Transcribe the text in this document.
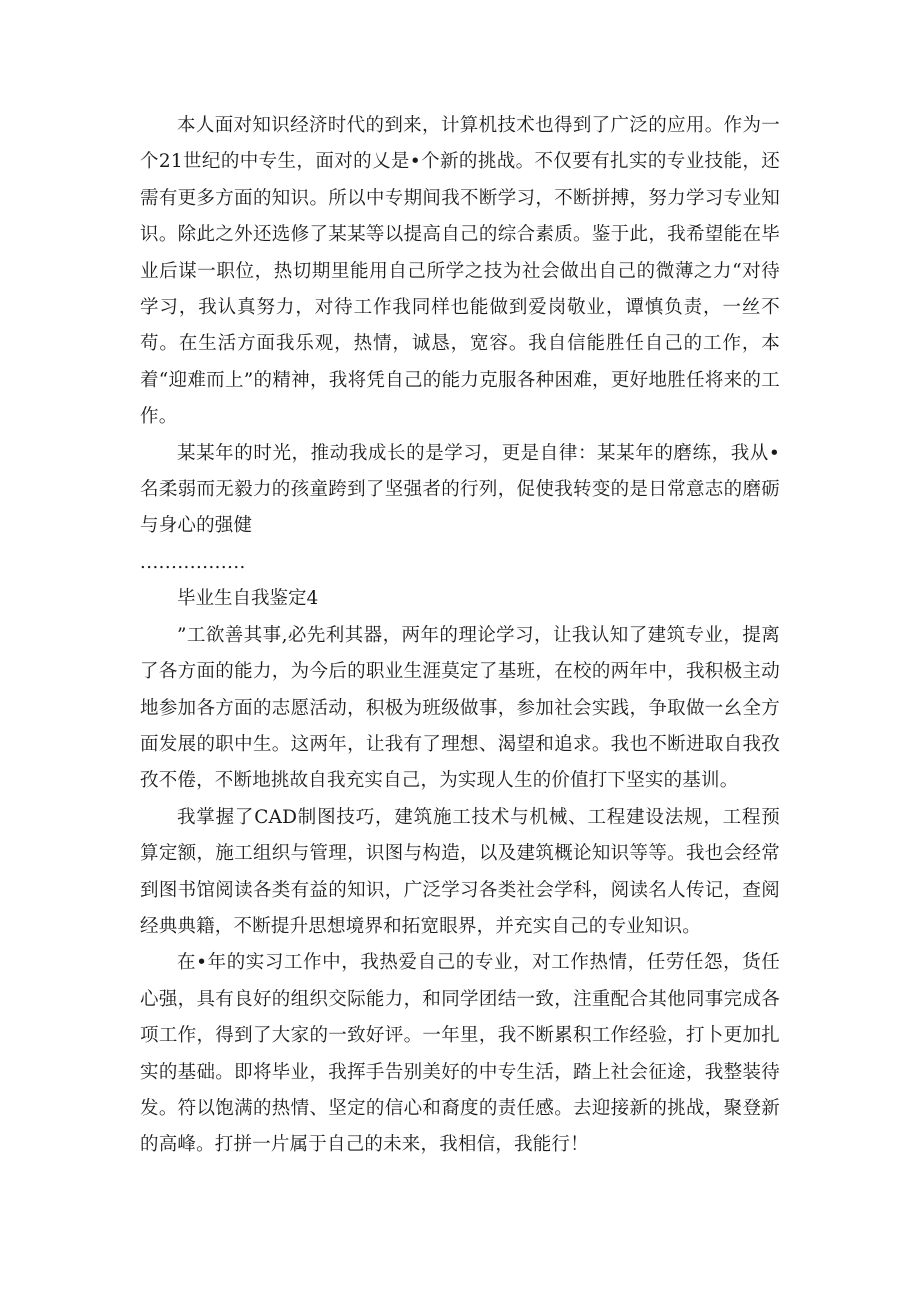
本人面对知识经济时代的到来，计算机技术也得到了广泛的应用。作为一个21世纪的中专生，面对的乂是•个新的挑战。不仅要有扎实的专业技能，还需有更多方面的知识。所以中专期间我不断学习，不断拼搏，努力学习专业知识。除此之外还选修了某某等以提高自己的综合素质。鉴于此，我希望能在毕业后谋一职位，热切期里能用自己所学之技为社会做出自己的微薄之力“对待学习，我认真努力，对待工作我同样也能做到爱岗敬业，谭慎负责，一丝不苟。在生活方面我乐观，热情，诚恳，宽容。我自信能胜任自己的工作，本着“迎难而上”的精神，我将凭自己的能力克服各种困难，更好地胜任将来的工作。

某某年的时光，推动我成长的是学习，更是自律：某某年的磨练，我从•名柔弱而无毅力的孩童跨到了坚强者的行列，促使我转变的是日常意志的磨砺与身心的强健

.................

毕业生自我鉴定4

”工欲善其事,必先利其器，两年的理论学习，让我认知了建筑专业，提离了各方面的能力，为今后的职业生涯莫定了基班，在校的两年中，我积极主动地参加各方面的志愿活动，积极为班级做事，参加社会实践，争取做一幺全方面发展的职中生。这两年，让我有了理想、渴望和追求。我也不断进取自我孜孜不倦，不断地挑故自我充实自己，为实现人生的价值打下坚实的基训。

我掌握了CAD制图技巧，建筑施工技术与机械、工程建设法规，工程预算定额，施工组织与管理，识图与构造，以及建筑概论知识等等。我也会经常到图书馆阅读各类有益的知识，广泛学习各类社会学科，阅读名人传记，查阅经典典籍，不断提升思想境界和拓宽眼界，并充实自己的专业知识。

在•年的实习工作中，我热爱自己的专业，对工作热情，任劳任怨，货任心强，具有良好的组织交际能力，和同学团结一致，注重配合其他同事完成各项工作，得到了大家的一致好评。一年里，我不断累积工作经验，打卜更加扎实的基础。即将毕业，我挥手告别美好的中专生活，踏上社会征途，我整装待发。符以饱满的热情、坚定的信心和裔度的责任感。去迎接新的挑战，聚登新的高峰。打拼一片属于自己的未来，我相信，我能行！
